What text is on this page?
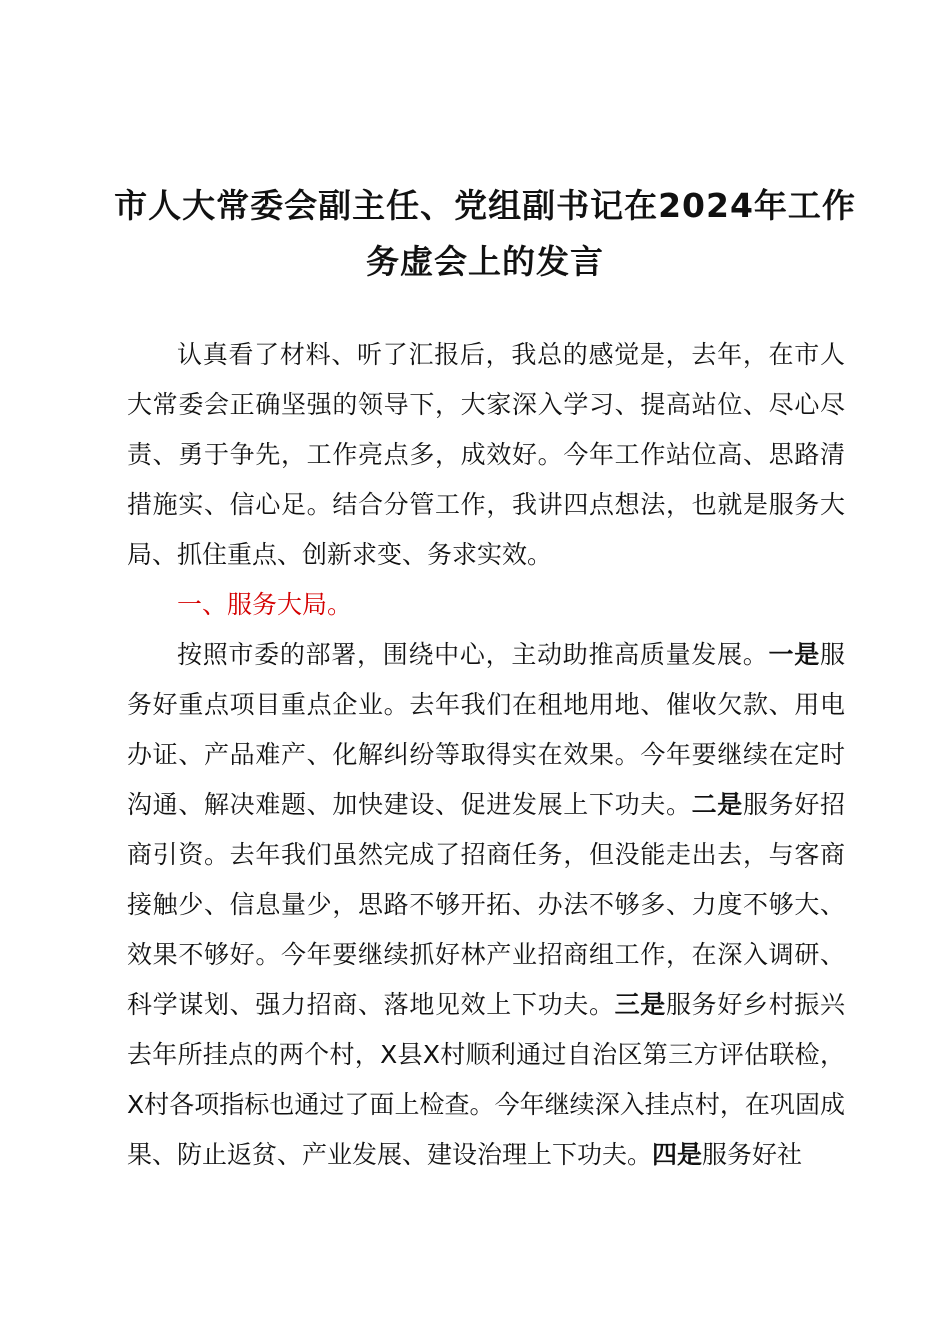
市人大常委会副主任、党组副书记在2024年工作务虚会上的发言

认真看了材料、听了汇报后，我总的感觉是，去年，在市人大常委会正确坚强的领导下，大家深入学习、提高站位、尽心尽责、勇于争先，工作亮点多，成效好。今年工作站位高、思路清措施实、信心足。结合分管工作，我讲四点想法，也就是服务大局、抓住重点、创新求变、务求实效。

一、服务大局。

按照市委的部署，围绕中心，主动助推高质量发展。一是服务好重点项目重点企业。去年我们在租地用地、催收欠款、用电办证、产品难产、化解纠纷等取得实在效果。今年要继续在定时沟通、解决难题、加快建设、促进发展上下功夫。二是服务好招商引资。去年我们虽然完成了招商任务，但没能走出去，与客商接触少、信息量少，思路不够开拓、办法不够多、力度不够大、效果不够好。今年要继续抓好林产业招商组工作，在深入调研、科学谋划、强力招商、落地见效上下功夫。三是服务好乡村振兴去年所挂点的两个村，X县X村顺利通过自治区第三方评估联检，X村各项指标也通过了面上检查。今年继续深入挂点村，在巩固成果、防止返贫、产业发展、建设治理上下功夫。四是服务好社
